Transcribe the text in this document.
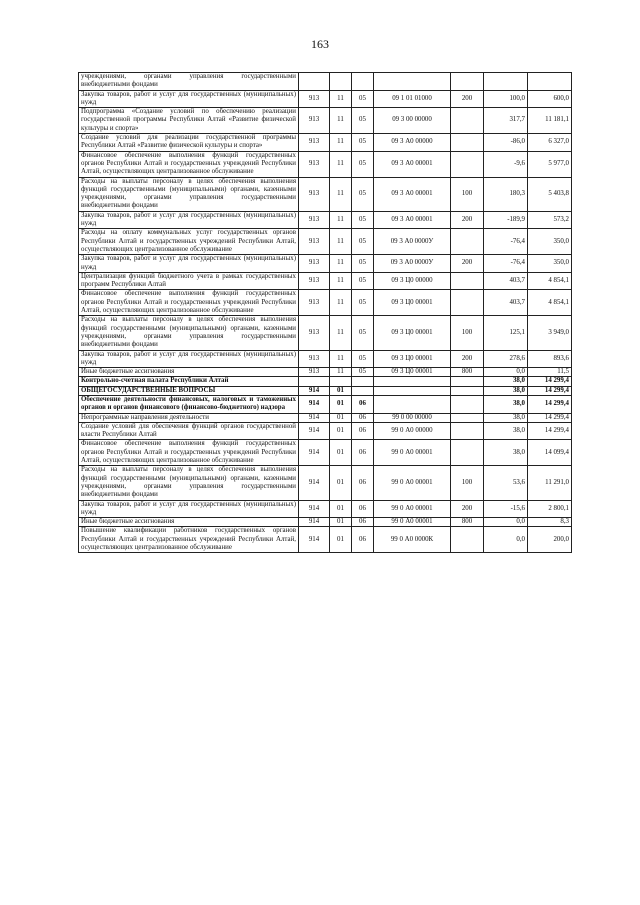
163
учреждениями, органами управления государственными внебюджетными фондами							
Закупка товаров, работ и услуг для государственных (муниципальных) нужд	913	11	05	09 1 01 01000	200	100,0	600,0
Подпрограмма «Создание условий по обеспечению реализации государственной программы Республики Алтай «Развитие физической культуры и спорта»	913	11	05	09 3 00 00000		317,7	11 181,1
Создание условий для реализации государственной программы Республики Алтай «Развитие физической культуры и спорта»	913	11	05	09 3 А0 00000		-86,0	6 327,0
Финансовое обеспечение выполнения функций государственных органов Республики Алтай и государственных учреждений Республики Алтай, осуществляющих централизованное обслуживание	913	11	05	09 3 А0 00001		-9,6	5 977,0
Расходы на выплаты персоналу в целях обеспечения выполнения функций государственными (муниципальными) органами, казенными учреждениями, органами управления государственными внебюджетными фондами	913	11	05	09 3 А0 00001	100	180,3	5 403,8
Закупка товаров, работ и услуг для государственных (муниципальных) нужд	913	11	05	09 3 А0 00001	200	-189,9	573,2
Расходы на оплату коммунальных услуг государственных органов Республики Алтай и государственных учреждений Республики Алтай, осуществляющих централизованное обслуживание	913	11	05	09 3 А0 0000У		-76,4	350,0
Закупка товаров, работ и услуг для государственных (муниципальных) нужд	913	11	05	09 3 А0 0000У	200	-76,4	350,0
Централизация функций бюджетного учета в рамках государственных программ Республики Алтай	913	11	05	09 3 Ц0 00000		403,7	4 854,1
Финансовое обеспечение выполнения функций государственных органов Республики Алтай и государственных учреждений Республики Алтай, осуществляющих централизованное обслуживание	913	11	05	09 3 Ц0 00001		403,7	4 854,1
Расходы на выплаты персоналу в целях обеспечения выполнения функций государственными (муниципальными) органами, казенными учреждениями, органами управления государственными внебюджетными фондами	913	11	05	09 3 Ц0 00001	100	125,1	3 949,0
Закупка товаров, работ и услуг для государственных (муниципальных) нужд	913	11	05	09 3 Ц0 00001	200	278,6	893,6
Иные бюджетные ассигнования	913	11	05	09 3 Ц0 00001	800	0,0	11,5
Контрольно-счетная палата Республики Алтай						38,0	14 299,4
ОБЩЕГОСУДАРСТВЕННЫЕ ВОПРОСЫ	914	01				38,0	14 299,4
Обеспечение деятельности финансовых, налоговых и таможенных органов и органов финансового (финансово-бюджетного) надзора	914	01	06			38,0	14 299,4
Непрограммные направления деятельности	914	01	06	99 0 00 00000		38,0	14 299,4
Создание условий для обеспечения функций органов государственной власти Республики Алтай	914	01	06	99 0 А0 00000		38,0	14 299,4
Финансовое обеспечение выполнения функций государственных органов Республики Алтай и государственных учреждений Республики Алтай, осуществляющих централизованное обслуживание	914	01	06	99 0 А0 00001		38,0	14 099,4
Расходы на выплаты персоналу в целях обеспечения выполнения функций государственными (муниципальными) органами, казенными учреждениями, органами управления государственными внебюджетными фондами	914	01	06	99 0 А0 00001	100	53,6	11 291,0
Закупка товаров, работ и услуг для государственных (муниципальных) нужд	914	01	06	99 0 А0 00001	200	-15,6	2 800,1
Иные бюджетные ассигнования	914	01	06	99 0 А0 00001	800	0,0	8,3
Повышение квалификации работников государственных органов Республики Алтай и государственных учреждений Республики Алтай, осуществляющих централизованное обслуживание	914	01	06	99 0 А0 0000К		0,0	200,0
